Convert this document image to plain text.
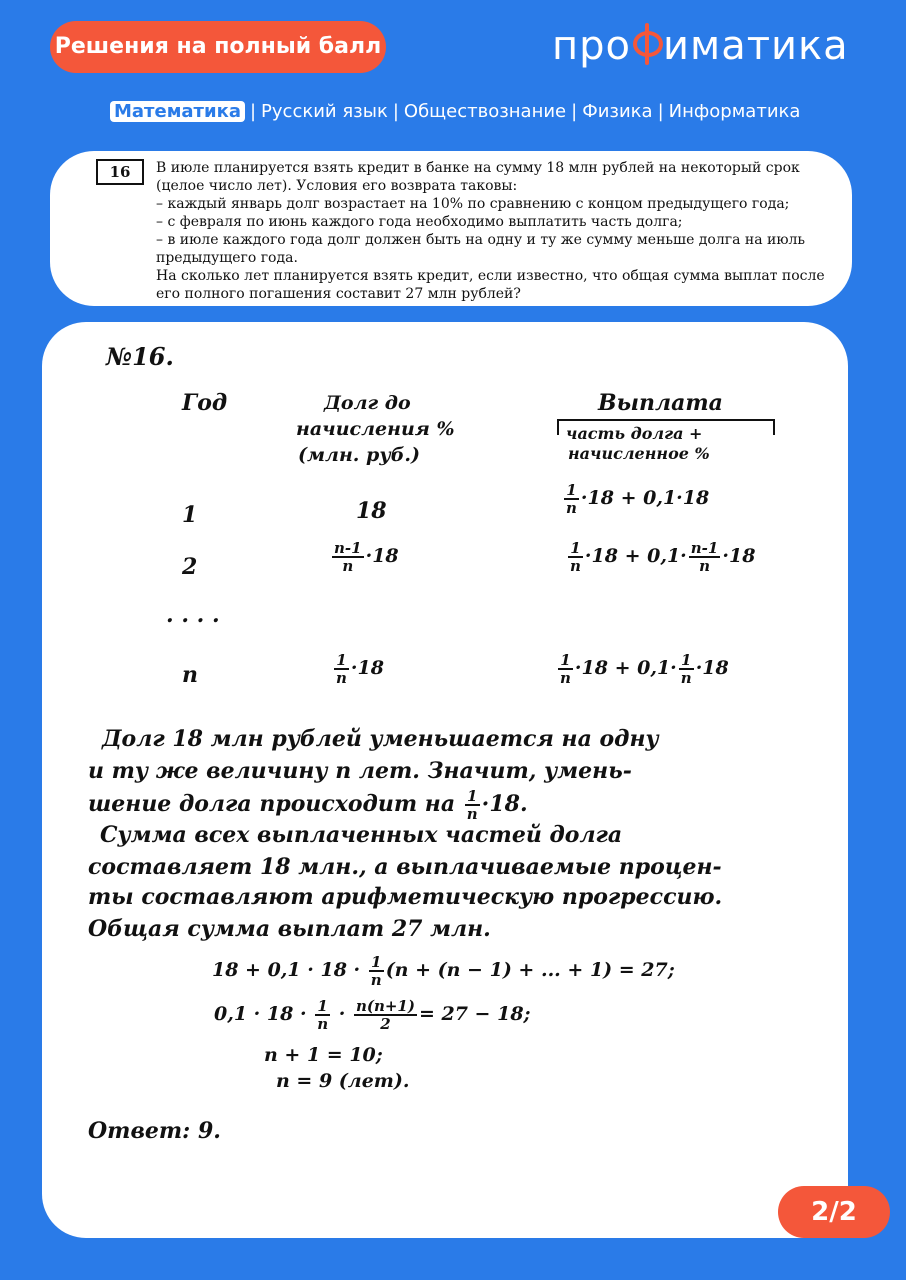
Решения на полный балл	про иматика
Математика | Русский язык | Обществознание | Физика | Информатика
16	В июле планируется взять кредит в банке на сумму 18 млн рублей на некоторый срок
(целое число лет). Условия его возврата таковы:
– каждый январь долг возрастает на 10% по сравнению с концом предыдущего года;
– с февраля по июнь каждого года необходимо выплатить часть долга;
– в июле каждого года долг должен быть на одну и ту же сумму меньше долга на июль
предыдущего года.
На сколько лет планируется взять кредит, если известно, что общая сумма выплат после
его полного погашения составит 27 млн рублей?
№16.
Год	Долг до
начисления %
(млн. руб.)
Выплата
часть долга +
начисленное %
1	18	$\frac{1}{n} \cdot 18 + 0,1\cdot 18$
2	$\frac{n-1}{n} \cdot 18$	$\frac{1}{n} \cdot 18 + 0,1\cdot \frac{n-1}{n} \cdot 18$
. . . .
n	$\frac{1}{n} \cdot 18$	$\frac{1}{n} \cdot 18 + 0,1\cdot \frac{1}{n} \cdot 18$
Долг 18 млн рублей уменьшается на одну
и ту же величину n лет. Значит, умень-
шение долга происходит на $\frac{1}{n} \cdot 18$.
Сумма всех выплаченных частей долга
составляет 18 млн., а выплачиваемые процен-
ты составляют арифметическую прогрессию.
Общая сумма выплат 27 млн.
$18 + 0,1 \cdot 18 \cdot \frac{1}{n} (n + (n - 1)$ + ... + 1) = 27;
$0,1 \cdot 18 \cdot \frac{1}{n} \cdot \frac{n(n+1)}{2} = 27 - 18$;
n + 1 = 10;
n = 9 (лет).
Ответ: 9.
2/2
